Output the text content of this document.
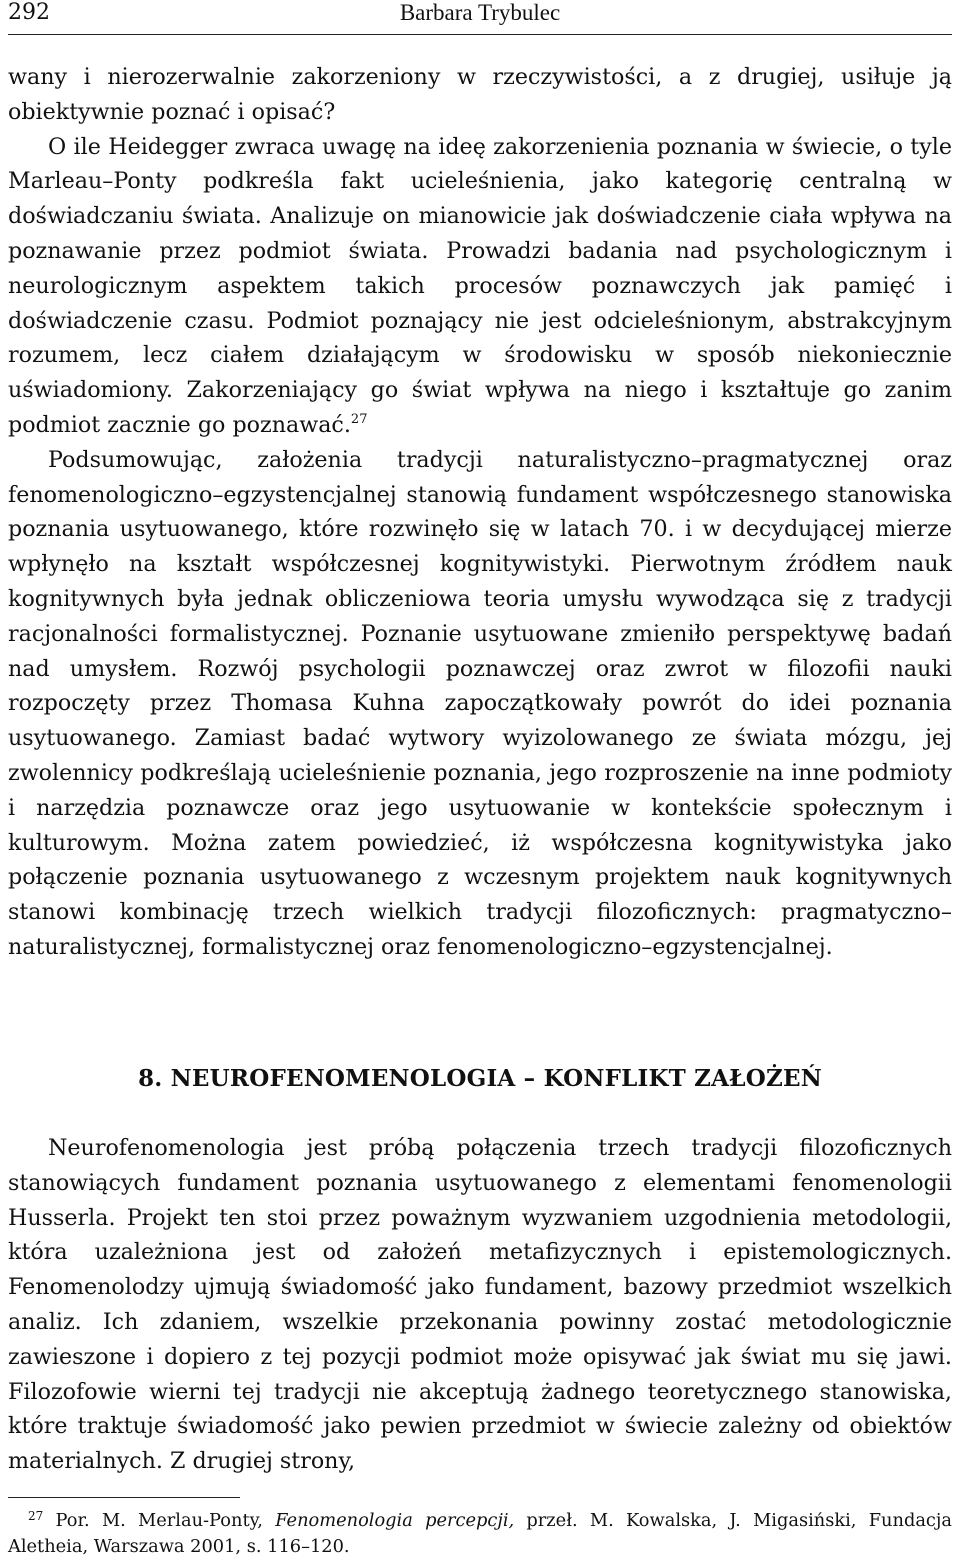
292	Barbara Trybulec

wany i nierozerwalnie zakorzeniony w rzeczywistości, a z drugiej, usiłuje ją obiektywnie poznać i opisać?

O ile Heidegger zwraca uwagę na ideę zakorzenienia poznania w świecie, o tyle Marleau–Ponty podkreśla fakt ucieleśnienia, jako kategorię centralną w doświadczaniu świata. Analizuje on mianowicie jak doświadczenie ciała wpływa na poznawanie przez podmiot świata. Prowadzi badania nad psychologicznym i neurologicznym aspektem takich procesów poznawczych jak pamięć i doświadczenie czasu. Podmiot poznający nie jest odcieleśnionym, abstrakcyjnym rozumem, lecz ciałem działającym w środowisku w sposób niekoniecznie uświadomiony. Zakorzeniający go świat wpływa na niego i kształtuje go zanim podmiot zacznie go poznawać.$^{27}$

Podsumowując, założenia tradycji naturalistyczno–pragmatycznej oraz fenomenologiczno–egzystencjalnej stanowią fundament współczesnego stanowiska poznania usytuowanego, które rozwinęło się w latach 70. i w decydującej mierze wpłynęło na kształt współczesnej kognitywistyki. Pierwotnym źródłem nauk kognitywnych była jednak obliczeniowa teoria umysłu wywodząca się z tradycji racjonalności formalistycznej. Poznanie usytuowane zmieniło perspektywę badań nad umysłem. Rozwój psychologii poznawczej oraz zwrot w filozofii nauki rozpoczęty przez Thomasa Kuhna zapoczątkowały powrót do idei poznania usytuowanego. Zamiast badać wytwory wyizolowanego ze świata mózgu, jej zwolennicy podkreślają ucieleśnienie poznania, jego rozproszenie na inne podmioty i narzędzia poznawcze oraz jego usytuowanie w kontekście społecznym i kulturowym. Można zatem powiedzieć, iż współczesna kognitywistyka jako połączenie poznania usytuowanego z wczesnym projektem nauk kognitywnych stanowi kombinację trzech wielkich tradycji filozoficznych: pragmatyczno–naturalistycznej, formalistycznej oraz fenomenologiczno–egzystencjalnej.

8. NEUROFENOMENOLOGIA – KONFLIKT ZAŁOŻEŃ

Neurofenomenologia jest próbą połączenia trzech tradycji filozoficznych stanowiących fundament poznania usytuowanego z elementami fenomenologii Husserla. Projekt ten stoi przez poważnym wyzwaniem uzgodnienia metodologii, która uzależniona jest od założeń metafizycznych i epistemologicznych. Fenomenolodzy ujmują świadomość jako fundament, bazowy przedmiot wszelkich analiz. Ich zdaniem, wszelkie przekonania powinny zostać metodologicznie zawieszone i dopiero z tej pozycji podmiot może opisywać jak świat mu się jawi. Filozofowie wierni tej tradycji nie akceptują żadnego teoretycznego stanowiska, które traktuje świadomość jako pewien przedmiot w świecie zależny od obiektów materialnych. Z drugiej strony,

$^{27}$ Por. M. Merlau-Ponty, Fenomenologia percepcji, przeł. M. Kowalska, J. Migasiński, Fundacja Aletheia, Warszawa 2001, s. 116–120.
